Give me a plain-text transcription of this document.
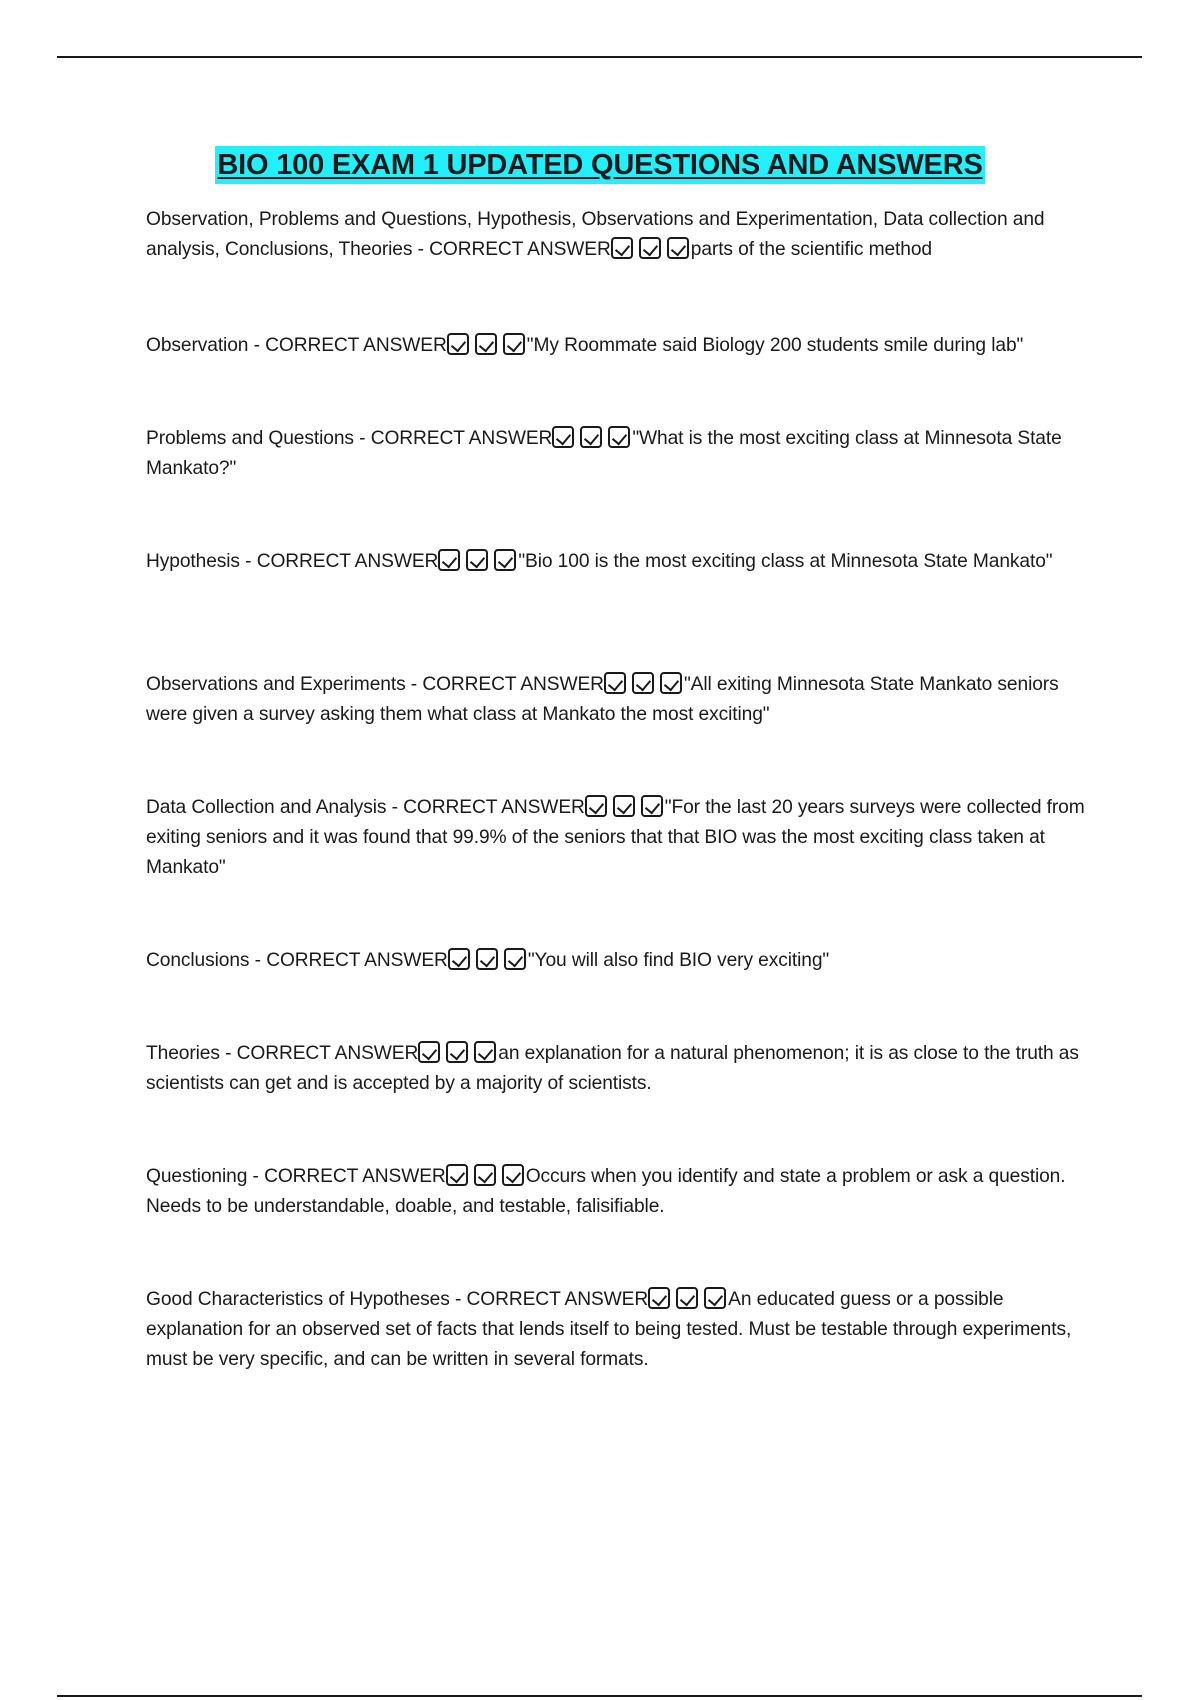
BIO 100 EXAM 1 UPDATED QUESTIONS AND ANSWERS
Observation, Problems and Questions, Hypothesis, Observations and Experimentation, Data collection and analysis, Conclusions, Theories - CORRECT ANSWER	parts of the scientific method
Observation - CORRECT ANSWER	"My Roommate said Biology 200 students smile during lab"
Problems and Questions - CORRECT ANSWER	"What is the most exciting class at Minnesota State Mankato?"
Hypothesis - CORRECT ANSWER	"Bio 100 is the most exciting class at Minnesota State Mankato"
Observations and Experiments - CORRECT ANSWER	"All exiting Minnesota State Mankato seniors were given a survey asking them what class at Mankato the most exciting"
Data Collection and Analysis - CORRECT ANSWER	"For the last 20 years surveys were collected from exiting seniors and it was found that 99.9% of the seniors that that BIO was the most exciting class taken at Mankato"
Conclusions - CORRECT ANSWER	"You will also find BIO very exciting"
Theories - CORRECT ANSWER	an explanation for a natural phenomenon; it is as close to the truth as scientists can get and is accepted by a majority of scientists.
Questioning - CORRECT ANSWER	Occurs when you identify and state a problem or ask a question. Needs to be understandable, doable, and testable, falisifiable.
Good Characteristics of Hypotheses - CORRECT ANSWER	An educated guess or a possible explanation for an observed set of facts that lends itself to being tested. Must be testable through experiments, must be very specific, and can be written in several formats.
